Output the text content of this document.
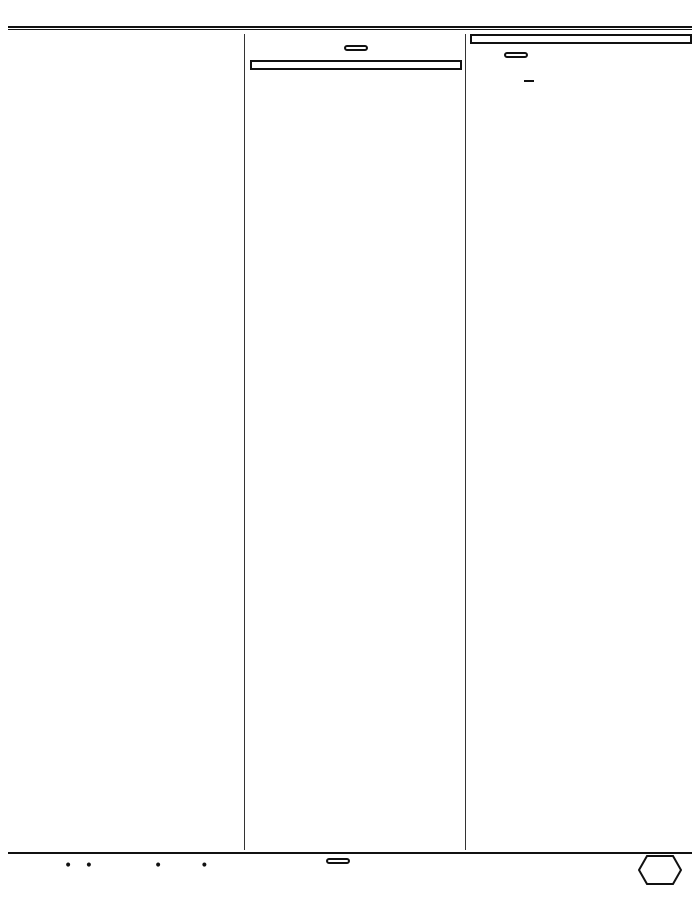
• •	••
